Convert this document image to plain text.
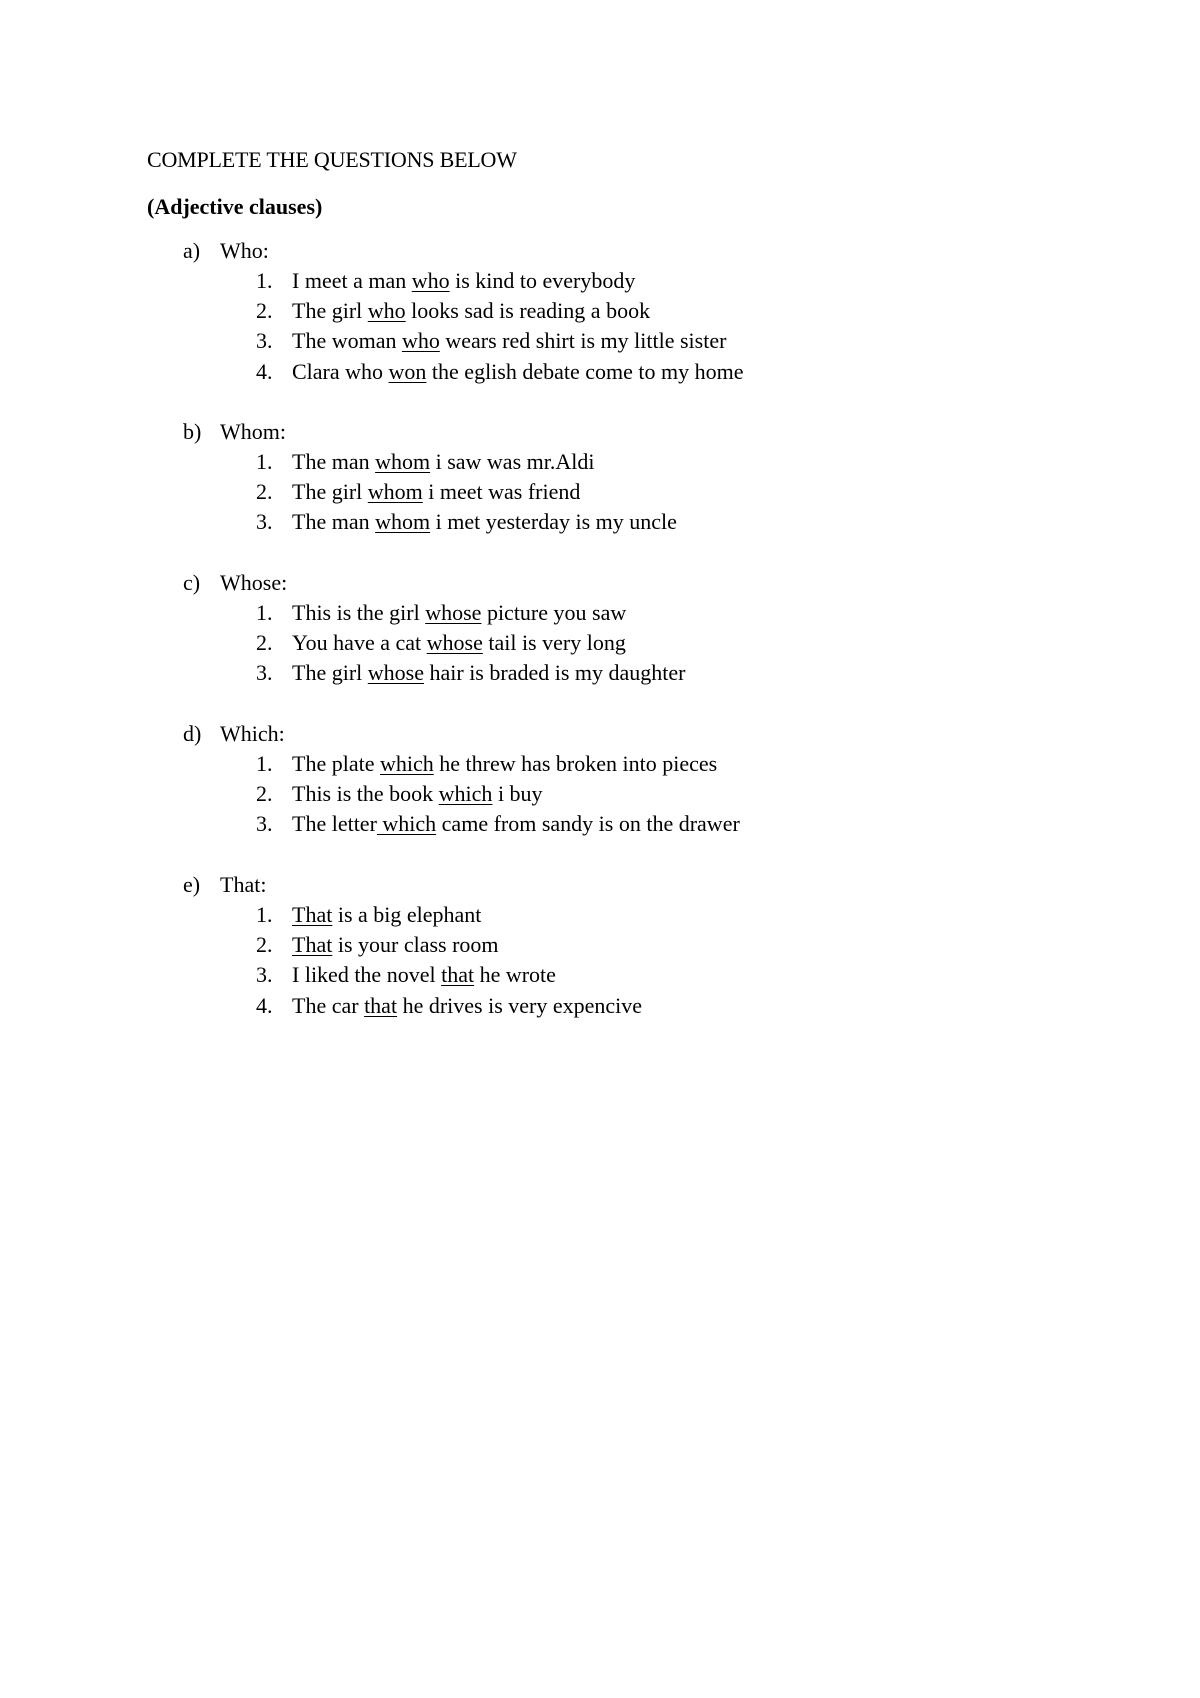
COMPLETE THE QUESTIONS BELOW
(Adjective clauses)
a) Who:
1. I meet a man who is kind to everybody
2. The girl who looks sad is reading a book
3. The woman who wears red shirt is my little sister
4. Clara who won the eglish debate come to my home
b) Whom:
1. The man whom i saw was mr.Aldi
2. The girl whom i meet was friend
3. The man whom i met yesterday is my uncle
c) Whose:
1. This is the girl whose picture you saw
2. You have a cat whose tail is very long
3. The girl whose hair is braded is my daughter
d) Which:
1. The plate which he threw has broken into pieces
2. This is the book which i buy
3. The letter which came from sandy is on the drawer
e) That:
1. That is a big elephant
2. That is your class room
3. I liked the novel that he wrote
4. The car that he drives is very expencive
